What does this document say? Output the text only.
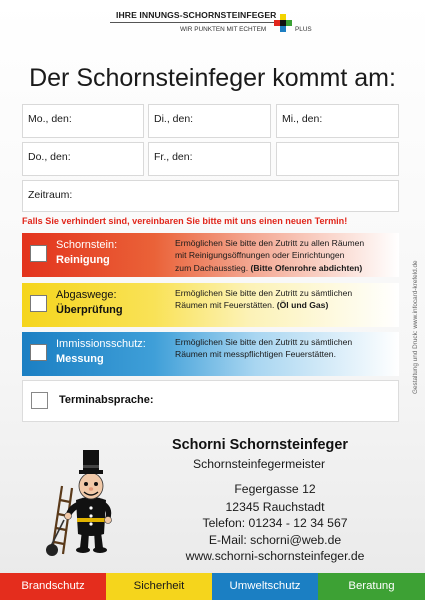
IHRE INNUNGS-SCHORNSTEINFEGER
WIR PUNKTEN MIT ECHTEM	PLUS
Der Schornsteinfeger kommt am:
Mo., den:	Di., den:	Mi., den:
Do., den:	Fr., den:
Zeitraum:
Falls Sie verhindert sind, vereinbaren Sie bitte mit uns einen neuen Termin!
Schornstein:
Reinigung
Ermöglichen Sie bitte den Zutritt zu allen Räumen
mit Reinigungsöffnungen oder Einrichtungen
zum Dachausstieg. (Bitte Ofenrohre abdichten)
Abgaswege:
Überprüfung
Ermöglichen Sie bitte den Zutritt zu sämtlichen
Räumen mit Feuerstätten. (Öl und Gas)
Immissionsschutz:
Messung
Ermöglichen Sie bitte den Zutritt zu sämtlichen
Räumen mit messpflichtigen Feuerstätten.
Terminabsprache:
Gestaltung und Druck: www.infocard-krefeld.de
Schorni Schornsteinfeger
Schornsteinfegermeister
Fegergasse 12
12345 Rauchstadt
Telefon: 01234 - 12 34 567
E-Mail: schorni@web.de
www.schorni-schornsteinfeger.de
Brandschutz	Sicherheit	Umweltschutz	Beratung
